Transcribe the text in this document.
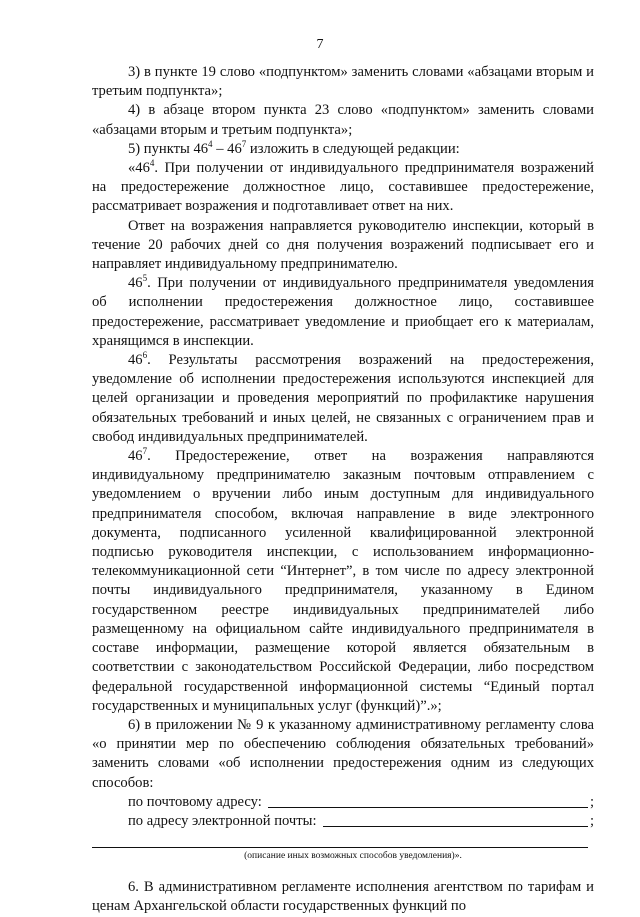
7

3) в пункте 19 слово «подпунктом» заменить словами «абзацами вторым и третьим подпункта»;

4) в абзаце втором пункта 23 слово «подпунктом» заменить словами «абзацами вторым и третьим подпункта»;

5) пункты $46^4 - 46^7$ изложить в следующей редакции:

«$46^4$. При получении от индивидуального предпринимателя возражений на предостережение должностное лицо, составившее предостережение, рассматривает возражения и подготавливает ответ на них.

Ответ на возражения направляется руководителю инспекции, который в течение 20 рабочих дней со дня получения возражений подписывает его и направляет индивидуальному предпринимателю.

$46^5$. При получении от индивидуального предпринимателя уведомления об исполнении предостережения должностное лицо, составившее предостережение, рассматривает уведомление и приобщает его к материалам, хранящимся в инспекции.

$46^6$. Результаты рассмотрения возражений на предостережения, уведомление об исполнении предостережения используются инспекцией для целей организации и проведения мероприятий по профилактике нарушения обязательных требований и иных целей, не связанных с ограничением прав и свобод индивидуальных предпринимателей.

$46^7$. Предостережение, ответ на возражения направляются индивидуальному предпринимателю заказным почтовым отправлением с уведомлением о вручении либо иным доступным для индивидуального предпринимателя способом, включая направление в виде электронного документа, подписанного усиленной квалифицированной электронной подписью руководителя инспекции, с использованием информационно-телекоммуникационной сети “Интернет”, в том числе по адресу электронной почты индивидуального предпринимателя, указанному в Едином государственном реестре индивидуальных предпринимателей либо размещенному на официальном сайте индивидуального предпринимателя в составе информации, размещение которой является обязательным в соответствии с законодательством Российской Федерации, либо посредством федеральной государственной информационной системы “Единый портал государственных и муниципальных услуг (функций)”.»;

6) в приложении № 9 к указанному административному регламенту слова «о принятии мер по обеспечению соблюдения обязательных требований» заменить словами «об исполнении предостережения одним из следующих способов:

по почтовому адресу:	;
по адресу электронной почты:	;
(описание иных возможных способов уведомления)».

6. В административном регламенте исполнения агентством по тарифам и ценам Архангельской области государственных функций по
